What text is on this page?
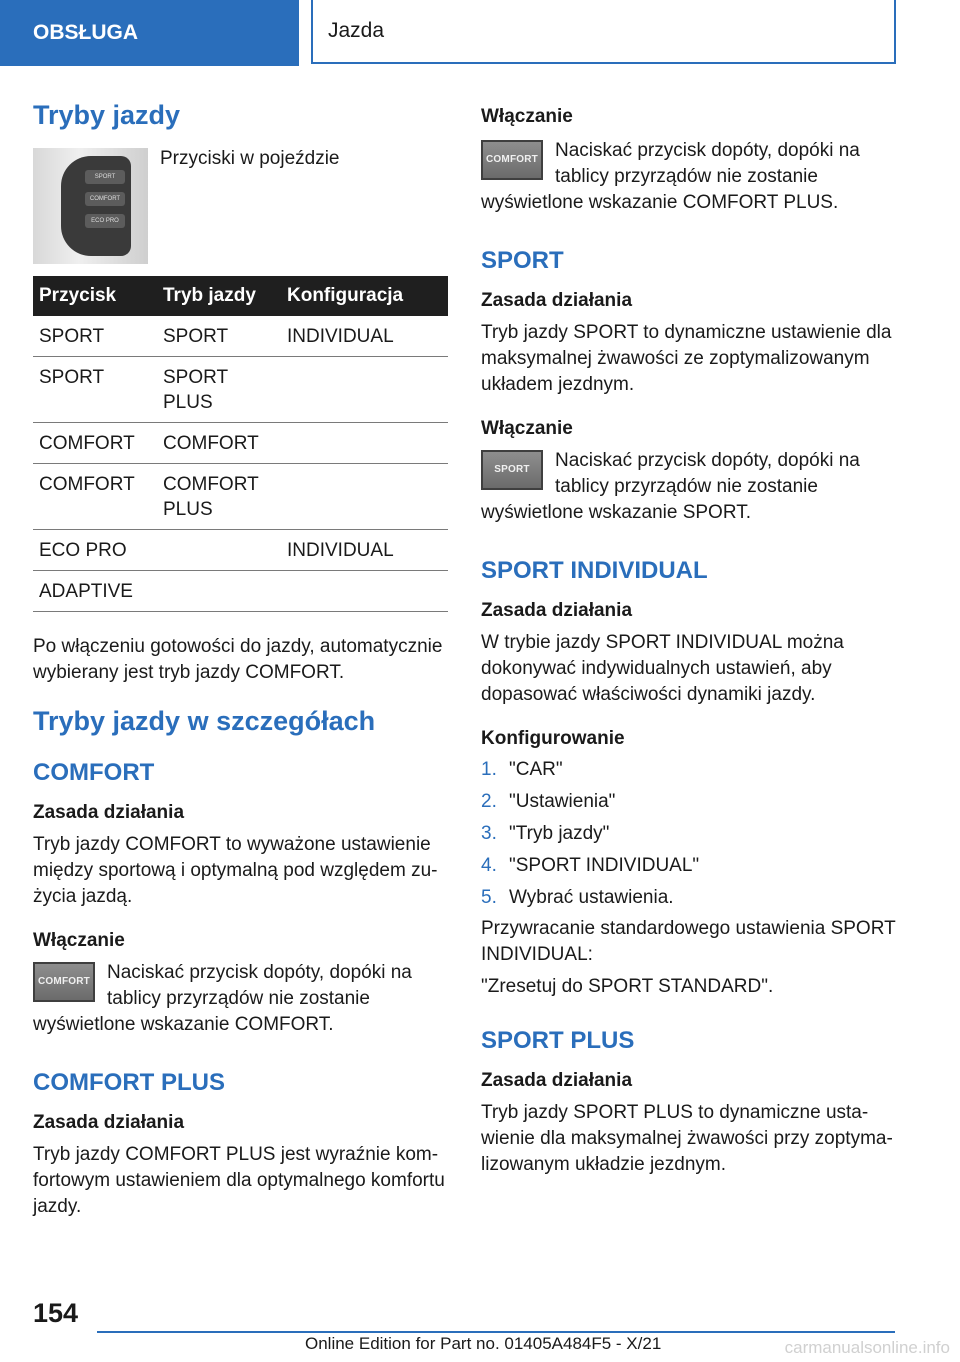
OBSŁUGA	Jazda
Tryby jazdy
SPORT
COMFORT
ECO PRO
Przyciski w pojeździe
Przycisk	Tryb jazdy	Konfiguracja
SPORT	SPORT	INDIVIDUAL
SPORT	SPORT PLUS	
COMFORT	COMFORT	
COMFORT	COMFORT PLUS	
ECO PRO		INDIVIDUAL
ADAPTIVE		
Po włączeniu gotowości do jazdy, automatycznie wybierany jest tryb jazdy COMFORT.
Tryby jazdy w szczegółach
COMFORT
Zasada działania
Tryb jazdy COMFORT to wyważone ustawienie między sportową i optymalną pod względem zużycia jazdą.
Włączanie
COMFORT Naciskać przycisk dopóty, dopóki na tablicy przyrządów nie zostanie wyświetlone wskazanie COMFORT.
COMFORT PLUS
Zasada działania
Tryb jazdy COMFORT PLUS jest wyraźnie komfortowym ustawieniem dla optymalnego komfortu jazdy.
Włączanie
COMFORT Naciskać przycisk dopóty, dopóki na tablicy przyrządów nie zostanie wyświetlone wskazanie COMFORT PLUS.
SPORT
Zasada działania
Tryb jazdy SPORT to dynamiczne ustawienie dla maksymalnej żwawości ze zoptymalizowanym układem jezdnym.
Włączanie
SPORT	Naciskać przycisk dopóty, dopóki na tablicy przyrządów nie zostanie wyświetlone wskazanie SPORT.
SPORT INDIVIDUAL
Zasada działania
W trybie jazdy SPORT INDIVIDUAL można dokonywać indywidualnych ustawień, aby dopasować właściwości dynamiki jazdy.
Konfigurowanie
1. "CAR"
2. "Ustawienia"
3. "Tryb jazdy"
4. "SPORT INDIVIDUAL"
5. Wybrać ustawienia.
Przywracanie standardowego ustawienia SPORT INDIVIDUAL:
"Zresetuj do SPORT STANDARD".
SPORT PLUS
Zasada działania
Tryb jazdy SPORT PLUS to dynamiczne ustawienie dla maksymalnej żwawości przy zoptymalizowanym układzie jezdnym.
154
Online Edition for Part no. 01405A484F5 - X/21	carmanualsonline.info
